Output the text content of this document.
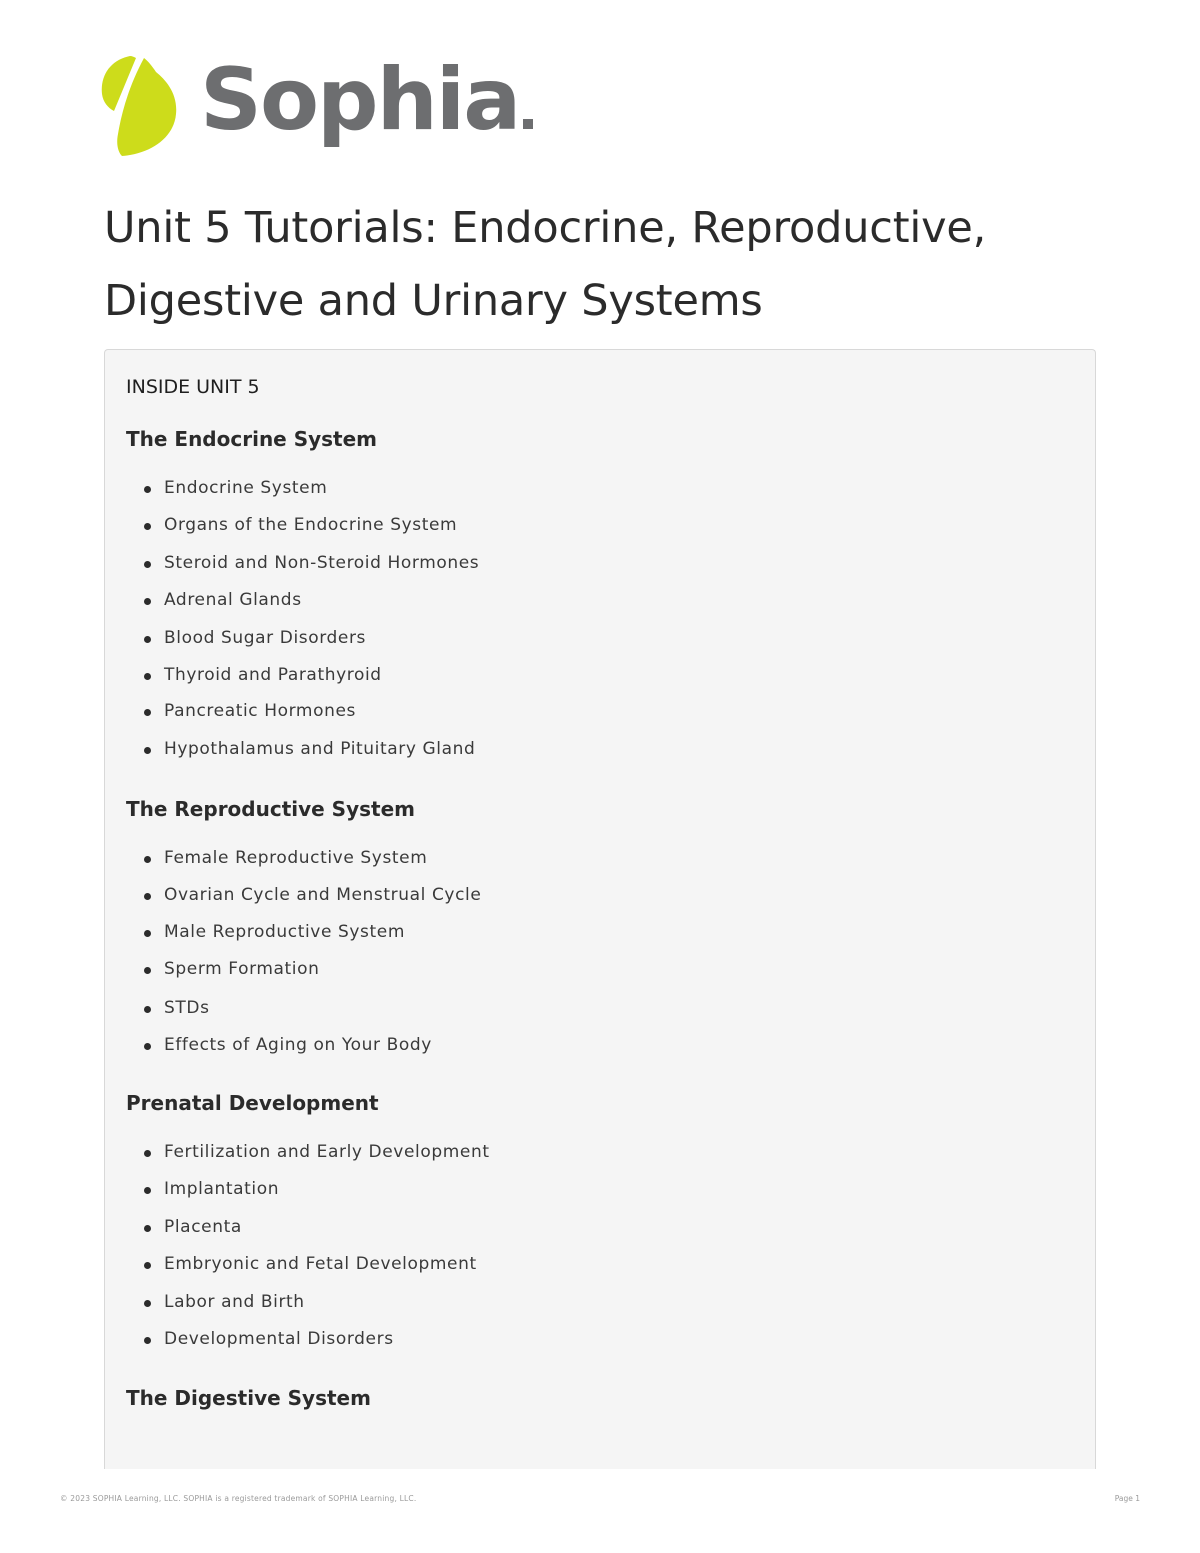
Sophia
Unit 5 Tutorials: Endocrine, Reproductive, Digestive and Urinary Systems

INSIDE UNIT 5

The Endocrine System
Endocrine System
Organs of the Endocrine System
Steroid and Non-Steroid Hormones
Adrenal Glands
Blood Sugar Disorders
Thyroid and Parathyroid
Pancreatic Hormones
Hypothalamus and Pituitary Gland
The Reproductive System
Female Reproductive System
Ovarian Cycle and Menstrual Cycle
Male Reproductive System
Sperm Formation
STDs
Effects of Aging on Your Body
Prenatal Development
Fertilization and Early Development
Implantation
Placenta
Embryonic and Fetal Development
Labor and Birth
Developmental Disorders
The Digestive System
© 2023 SOPHIA Learning, LLC. SOPHIA is a registered trademark of SOPHIA Learning, LLC.	Page 1
